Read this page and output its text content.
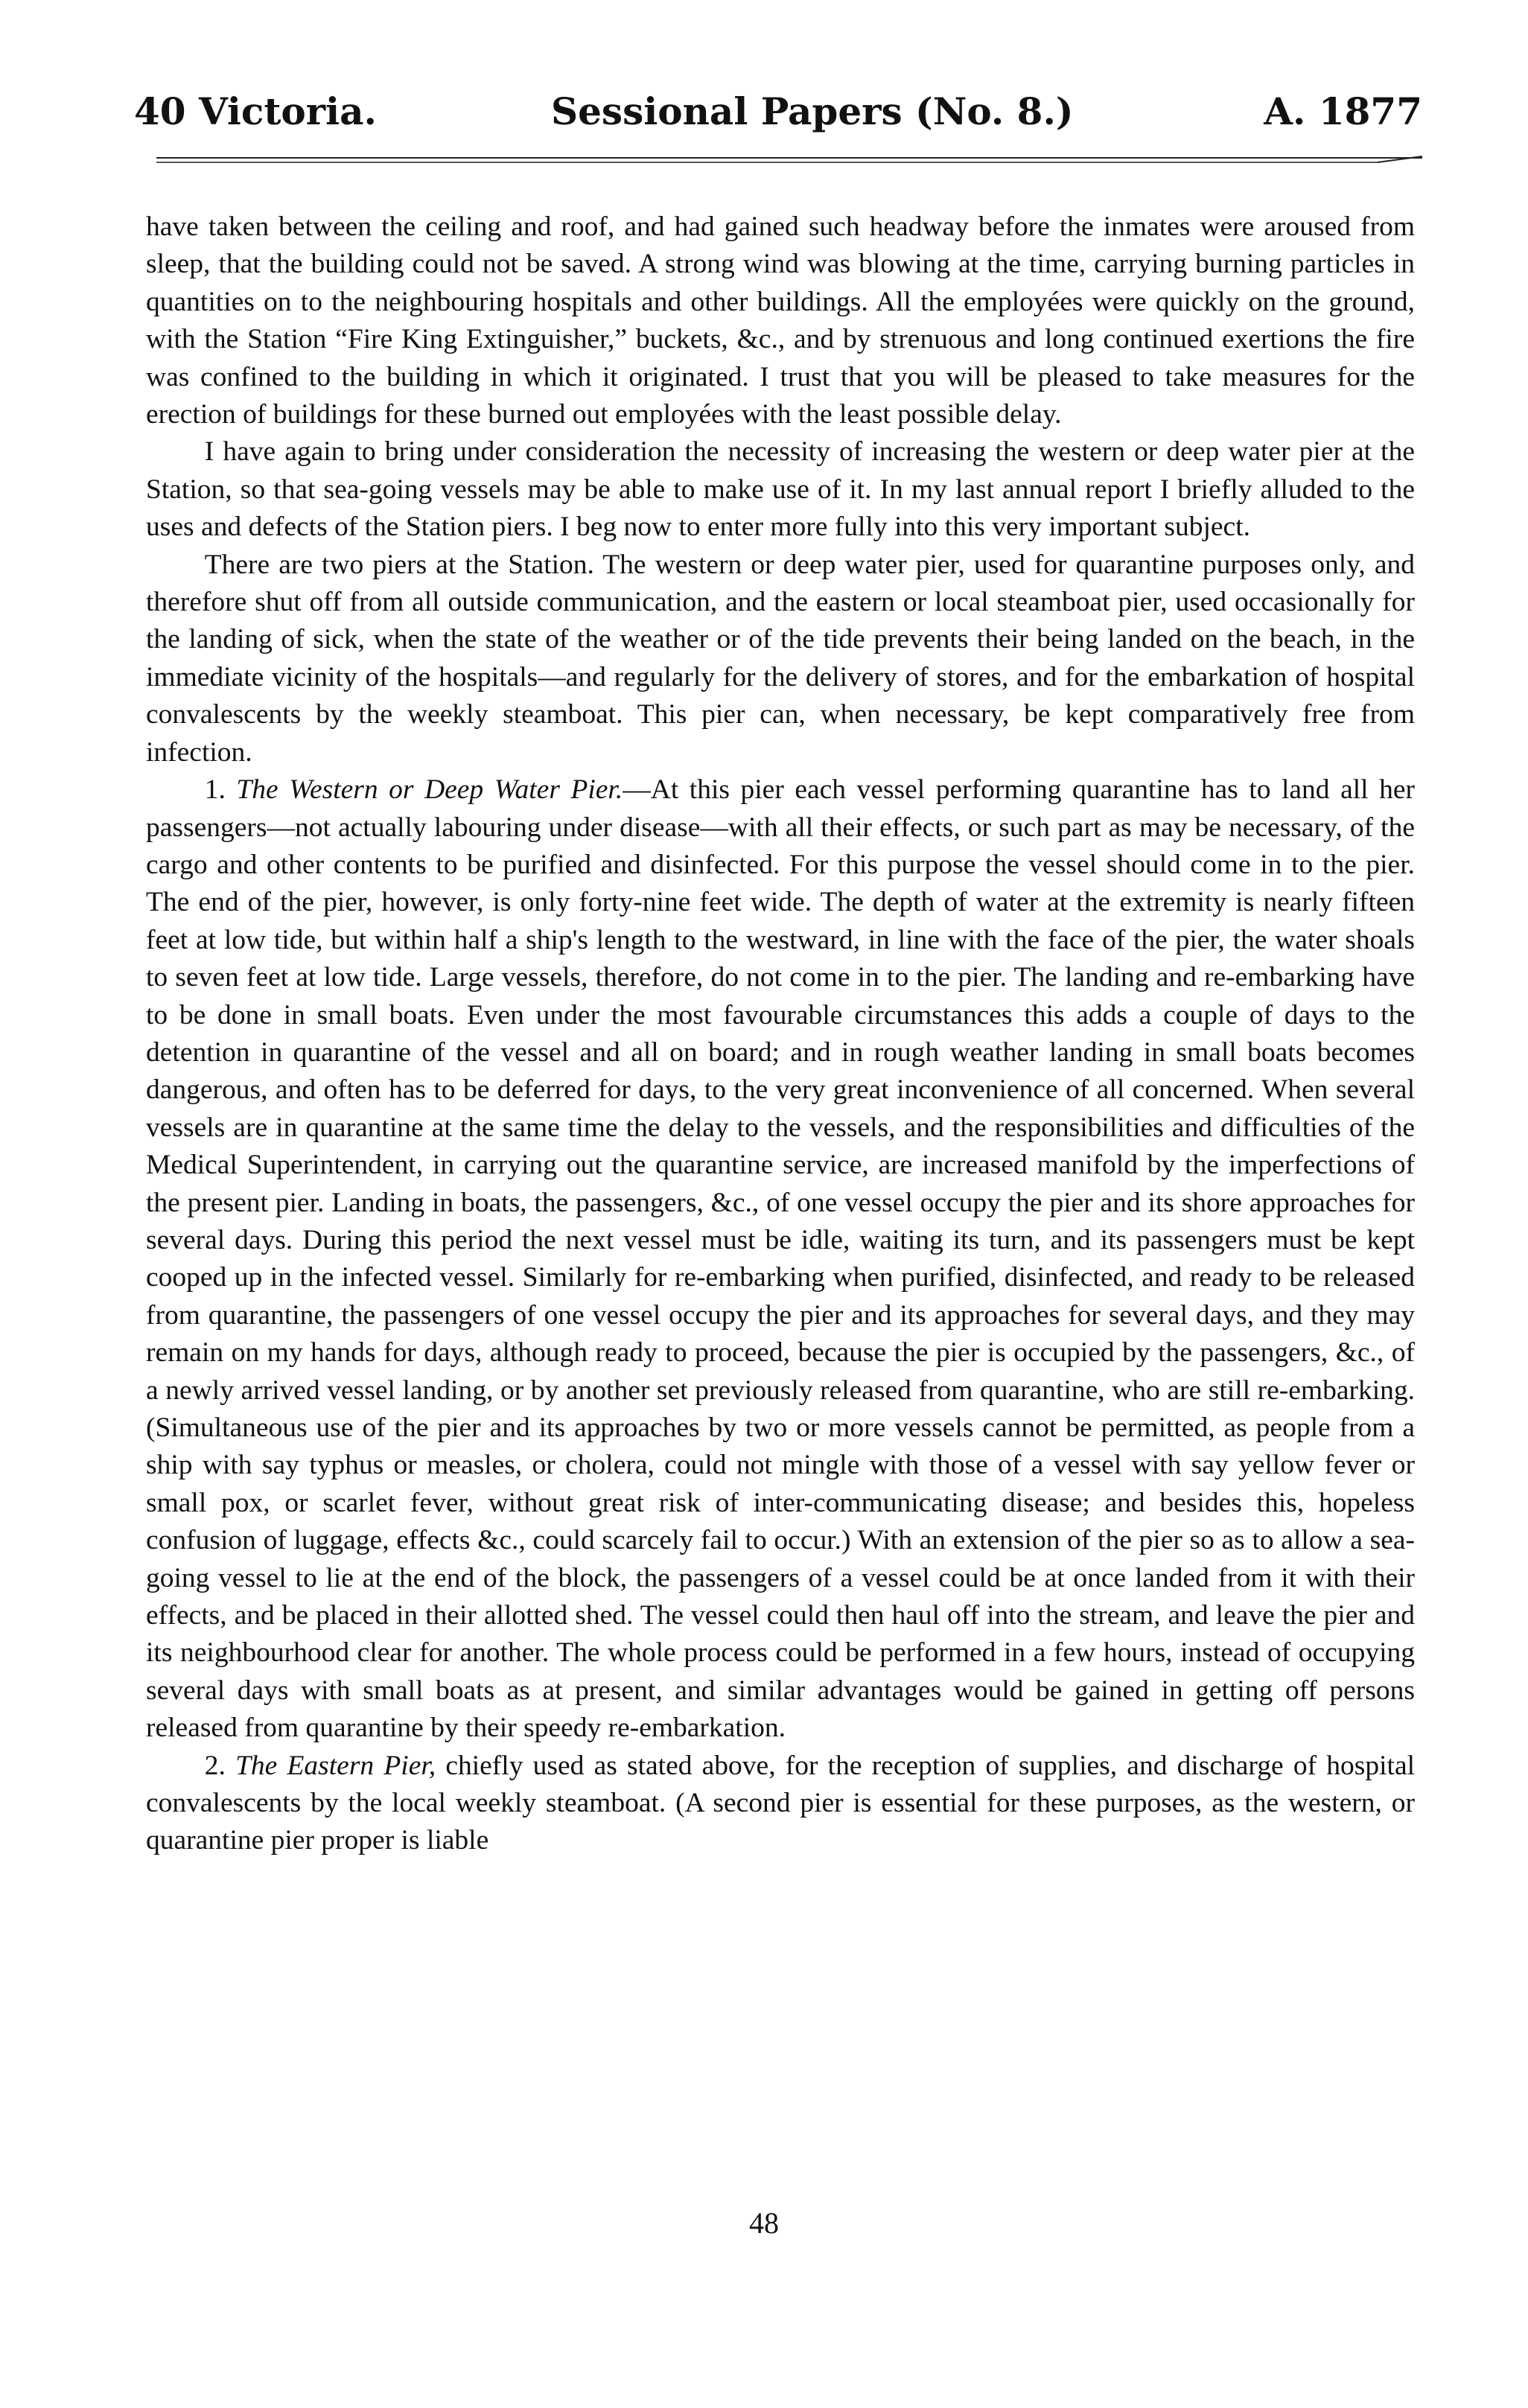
40 Victoria.	Sessional Papers (No. 8.)	A. 1877

have taken between the ceiling and roof, and had gained such headway before the inmates were aroused from sleep, that the building could not be saved. A strong wind was blowing at the time, carrying burning particles in quantities on to the neighbouring hospitals and other buildings. All the employées were quickly on the ground, with the Station “Fire King Extinguisher,” buckets, &c., and by strenuous and long continued exertions the fire was confined to the building in which it originated. I trust that you will be pleased to take measures for the erection of buildings for these burned out employées with the least possible delay.

I have again to bring under consideration the necessity of increasing the western or deep water pier at the Station, so that sea-going vessels may be able to make use of it. In my last annual report I briefly alluded to the uses and defects of the Station piers. I beg now to enter more fully into this very important subject.

There are two piers at the Station. The western or deep water pier, used for quarantine purposes only, and therefore shut off from all outside communication, and the eastern or local steamboat pier, used occasionally for the landing of sick, when the state of the weather or of the tide prevents their being landed on the beach, in the immediate vicinity of the hospitals—and regularly for the delivery of stores, and for the embarkation of hospital convalescents by the weekly steamboat. This pier can, when necessary, be kept comparatively free from infection.

1. The Western or Deep Water Pier.—At this pier each vessel performing quarantine has to land all her passengers—not actually labouring under disease—with all their effects, or such part as may be necessary, of the cargo and other contents to be purified and disinfected. For this purpose the vessel should come in to the pier. The end of the pier, however, is only forty-nine feet wide. The depth of water at the extremity is nearly fifteen feet at low tide, but within half a ship's length to the westward, in line with the face of the pier, the water shoals to seven feet at low tide. Large vessels, therefore, do not come in to the pier. The landing and re-embarking have to be done in small boats. Even under the most favourable circumstances this adds a couple of days to the detention in quarantine of the vessel and all on board; and in rough weather landing in small boats becomes dangerous, and often has to be deferred for days, to the very great inconvenience of all concerned. When several vessels are in quarantine at the same time the delay to the vessels, and the responsibilities and difficulties of the Medical Superintendent, in carrying out the quarantine service, are increased manifold by the imperfections of the present pier. Landing in boats, the passengers, &c., of one vessel occupy the pier and its shore approaches for several days. During this period the next vessel must be idle, waiting its turn, and its passengers must be kept cooped up in the infected vessel. Similarly for re-embarking when purified, disinfected, and ready to be released from quarantine, the passengers of one vessel occupy the pier and its approaches for several days, and they may remain on my hands for days, although ready to proceed, because the pier is occupied by the passengers, &c., of a newly arrived vessel landing, or by another set previously released from quarantine, who are still re-embarking. (Simultaneous use of the pier and its approaches by two or more vessels cannot be permitted, as people from a ship with say typhus or measles, or cholera, could not mingle with those of a vessel with say yellow fever or small pox, or scarlet fever, without great risk of inter-communicating disease; and besides this, hopeless confusion of luggage, effects &c., could scarcely fail to occur.) With an extension of the pier so as to allow a sea-going vessel to lie at the end of the block, the passengers of a vessel could be at once landed from it with their effects, and be placed in their allotted shed. The vessel could then haul off into the stream, and leave the pier and its neighbourhood clear for another. The whole process could be performed in a few hours, instead of occupying several days with small boats as at present, and similar advantages would be gained in getting off persons released from quarantine by their speedy re-embarkation.

2. The Eastern Pier, chiefly used as stated above, for the reception of supplies, and discharge of hospital convalescents by the local weekly steamboat. (A second pier is essential for these purposes, as the western, or quarantine pier proper is liable

48
